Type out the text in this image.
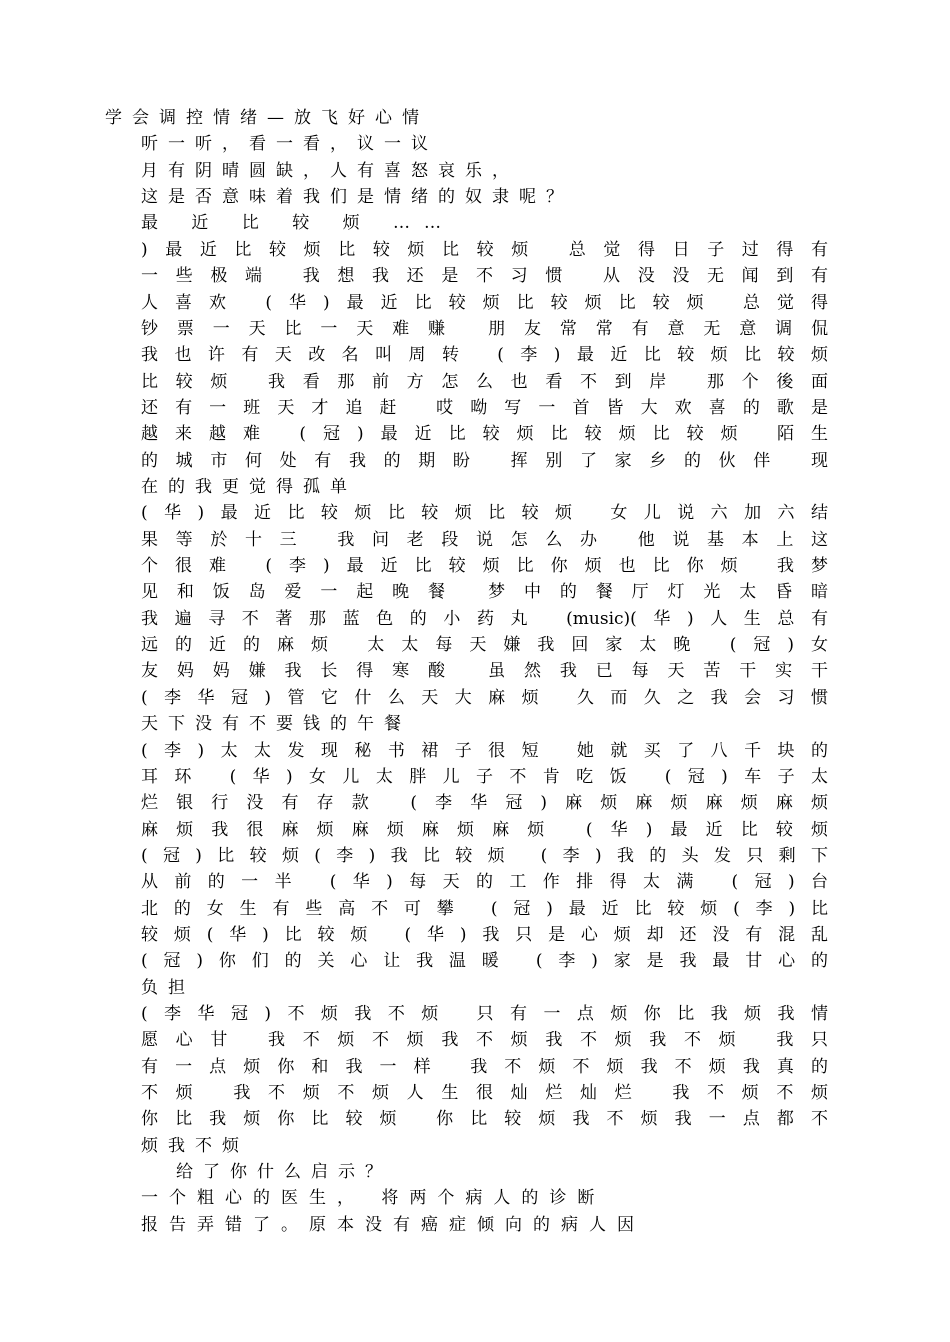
学会调控情绪—放飞好心情
听一听，看一看，议一议
月有阴晴圆缺，人有喜怒哀乐，
这是否意味着我们是情绪的奴隶呢？
最 近 比 较 烦 ……
)最近比较烦比较烦比较烦 总觉得日子过得有
一些极端 我想我还是不习惯 从没没无闻到有
人喜欢 (华)最近比较烦比较烦比较烦 总觉得
钞票一天比一天难赚 朋友常常有意无意调侃
我也许有天改名叫周转 (李)最近比较烦比较烦
比较烦 我看那前方怎么也看不到岸 那个後面
还有一班天才追赶 哎呦写一首皆大欢喜的歌是
越来越难 (冠)最近比较烦比较烦比较烦 陌生
的城市何处有我的期盼 挥别了家乡的伙伴 现
在的我更觉得孤单
(华)最近比较烦比较烦比较烦 女儿说六加六结
果等於十三 我问老段说怎么办 他说基本上这
个很难 (李)最近比较烦比你烦也比你烦 我梦
见和饭岛爱一起晚餐 梦中的餐厅灯光太昏暗
我遍寻不著那蓝色的小药丸 (music)(华)人生总有
远的近的麻烦 太太每天嫌我回家太晚 (冠)女
友妈妈嫌我长得寒酸 虽然我已每天苦干实干
(李华冠)管它什么天大麻烦 久而久之我会习惯
天下没有不要钱的午餐
(李)太太发现秘书裙子很短 她就买了八千块的
耳环 (华)女儿太胖儿子不肯吃饭 (冠)车子太
烂银行没有存款 (李华冠)麻烦麻烦麻烦麻烦
麻烦我很麻烦麻烦麻烦麻烦 (华)最近比较烦
(冠)比较烦(李)我比较烦 (李)我的头发只剩下
从前的一半 (华)每天的工作排得太满 (冠)台
北的女生有些高不可攀 (冠)最近比较烦(李)比
较烦(华)比较烦 (华)我只是心烦却还没有混乱
(冠)你们的关心让我温暖 (李)家是我最甘心的
负担
(李华冠)不烦我不烦 只有一点烦你比我烦我情
愿心甘 我不烦不烦我不烦我不烦我不烦 我只
有一点烦你和我一样 我不烦不烦我不烦我真的
不烦 我不烦不烦人生很灿烂灿烂 我不烦不烦
你比我烦你比较烦 你比较烦我不烦我一点都不
烦我不烦
给了你什么启示？
一个粗心的医生， 将两个病人的诊断
报告弄错了。原本没有癌症倾向的病人因
